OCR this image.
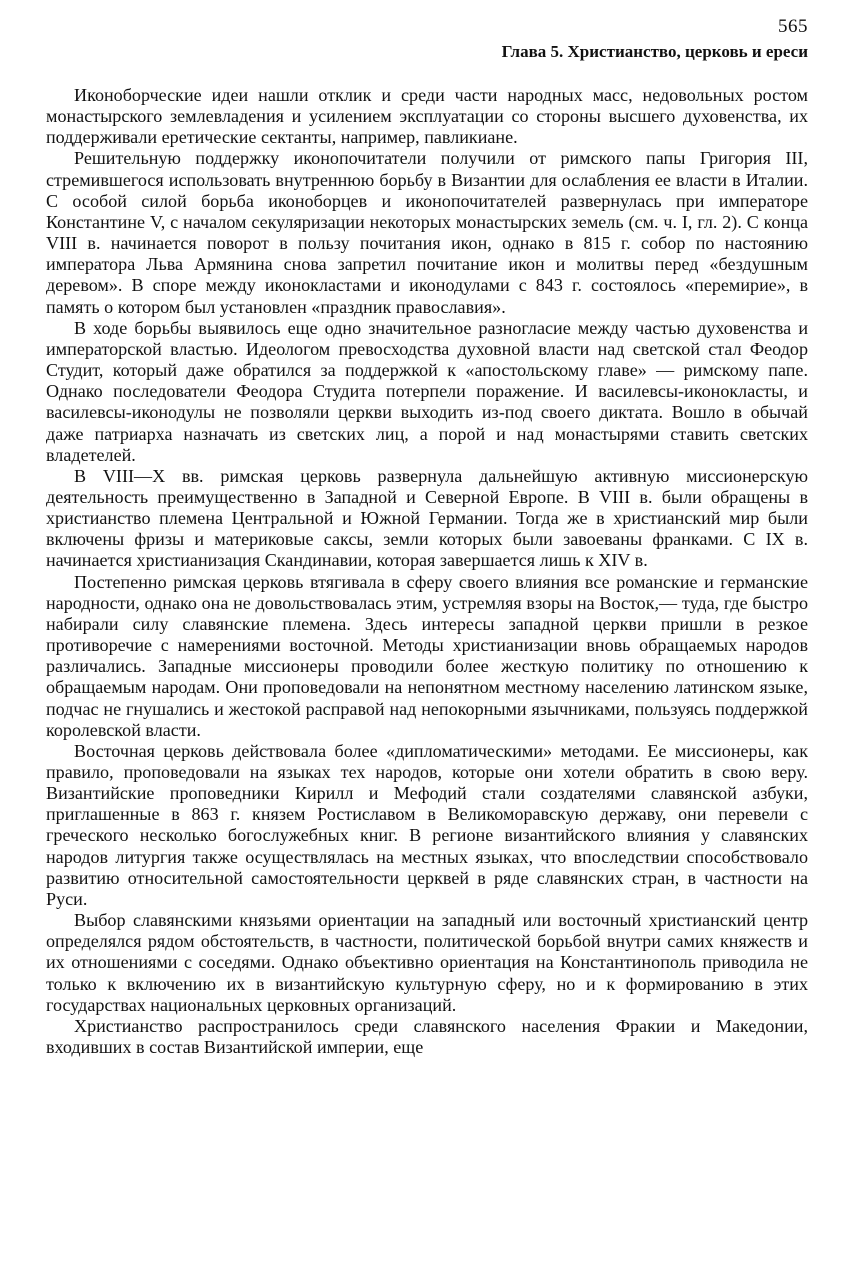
565
Глава 5. Христианство, церковь и ереси

Иконоборческие идеи нашли отклик и среди части народных масс, недовольных ростом монастырского землевладения и усилением эксплуатации со стороны высшего духовенства, их поддерживали еретические сектанты, например, павликиане.

Решительную поддержку иконопочитатели получили от римского папы Григория III, стремившегося использовать внутреннюю борьбу в Византии для ослабления ее власти в Италии. С особой силой борьба иконоборцев и иконопочитателей развернулась при императоре Константине V, с началом секуляризации некоторых монастырских земель (см. ч. I, гл. 2). С конца VIII в. начинается поворот в пользу почитания икон, однако в 815 г. собор по настоянию императора Льва Армянина снова запретил почитание икон и молитвы перед «бездушным деревом». В споре между иконокластами и иконодулами с 843 г. состоялось «перемирие», в память о котором был установлен «праздник православия».

В ходе борьбы выявилось еще одно значительное разногласие между частью духовенства и императорской властью. Идеологом превосходства духовной власти над светской стал Феодор Студит, который даже обратился за поддержкой к «апостольскому главе» — римскому папе. Однако последователи Феодора Студита потерпели поражение. И василевсы-иконокласты, и василевсы-иконодулы не позволяли церкви выходить из-под своего диктата. Вошло в обычай даже патриарха назначать из светских лиц, а порой и над монастырями ставить светских владетелей.

В VIII—X вв. римская церковь развернула дальнейшую активную миссионерскую деятельность преимущественно в Западной и Северной Европе. В VIII в. были обращены в христианство племена Центральной и Южной Германии. Тогда же в христианский мир были включены фризы и материковые саксы, земли которых были завоеваны франками. С IX в. начинается христианизация Скандинавии, которая завершается лишь к XIV в.

Постепенно римская церковь втягивала в сферу своего влияния все романские и германские народности, однако она не довольствовалась этим, устремляя взоры на Восток,— туда, где быстро набирали силу славянские племена. Здесь интересы западной церкви пришли в резкое противоречие с намерениями восточной. Методы христианизации вновь обращаемых народов различались. Западные миссионеры проводили более жесткую политику по отношению к обращаемым народам. Они проповедовали на непонятном местному населению латинском языке, подчас не гнушались и жестокой расправой над непокорными язычниками, пользуясь поддержкой королевской власти.

Восточная церковь действовала более «дипломатическими» методами. Ее миссионеры, как правило, проповедовали на языках тех народов, которые они хотели обратить в свою веру. Византийские проповедники Кирилл и Мефодий стали создателями славянской азбуки, приглашенные в 863 г. князем Ростиславом в Великоморавскую державу, они перевели с греческого несколько богослужебных книг. В регионе византийского влияния у славянских народов литургия также осуществлялась на местных языках, что впоследствии способствовало развитию относительной самостоятельности церквей в ряде славянских стран, в частности на Руси.

Выбор славянскими князьями ориентации на западный или восточный христианский центр определялся рядом обстоятельств, в частности, политической борьбой внутри самих княжеств и их отношениями с соседями. Однако объективно ориентация на Константинополь приводила не только к включению их в византийскую культурную сферу, но и к формированию в этих государствах национальных церковных организаций.

Христианство распространилось среди славянского населения Фракии и Македонии, входивших в состав Византийской империи, еще
